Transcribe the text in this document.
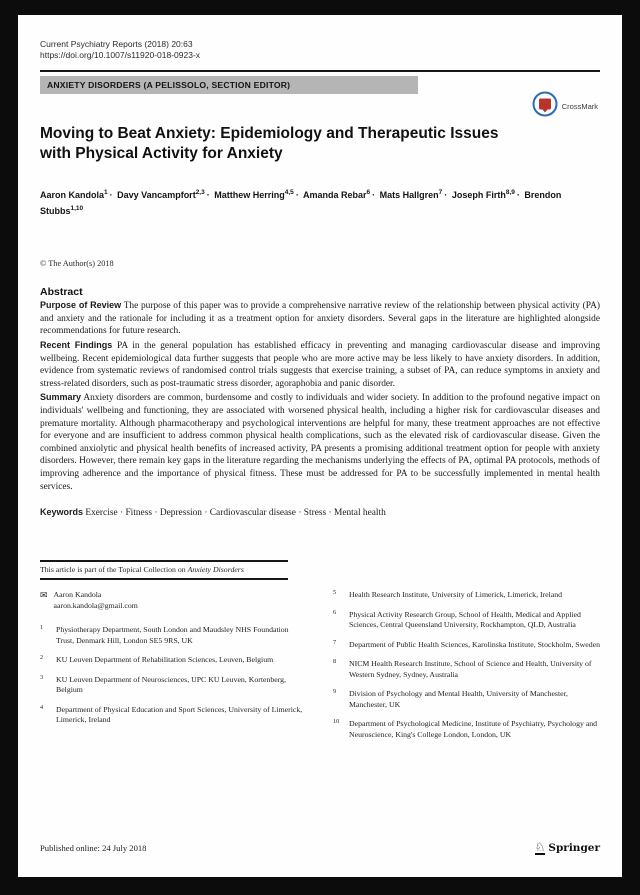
Current Psychiatry Reports (2018) 20:63
https://doi.org/10.1007/s11920-018-0923-x
ANXIETY DISORDERS (A PELISSOLO, SECTION EDITOR)
CrossMark
Moving to Beat Anxiety: Epidemiology and Therapeutic Issues
with Physical Activity for Anxiety
Aaron Kandola$^1$ · Davy Vancampfort$^{2,3}$ · Matthew Herring$^{4,5}$ · Amanda Rebar$^6$ · Mats Hallgren$^7$ · Joseph Firth$^{8,9}$ · Brendon Stubbs$^{1,10}$
© The Author(s) 2018
Abstract

Purpose of Review The purpose of this paper was to provide a comprehensive narrative review of the relationship between physical activity (PA) and anxiety and the rationale for including it as a treatment option for anxiety disorders. Several gaps in the literature are highlighted alongside recommendations for future research.

Recent Findings PA in the general population has established efficacy in preventing and managing cardiovascular disease and improving wellbeing. Recent epidemiological data further suggests that people who are more active may be less likely to have anxiety disorders. In addition, evidence from systematic reviews of randomised control trials suggests that exercise training, a subset of PA, can reduce symptoms in anxiety and stress-related disorders, such as post-traumatic stress disorder, agoraphobia and panic disorder.

Summary Anxiety disorders are common, burdensome and costly to individuals and wider society. In addition to the profound negative impact on individuals' wellbeing and functioning, they are associated with worsened physical health, including a higher risk for cardiovascular diseases and premature mortality. Although pharmacotherapy and psychological interventions are helpful for many, these treatment approaches are not effective for everyone and are insufficient to address common physical health complications, such as the elevated risk of cardiovascular disease. Given the combined anxiolytic and physical health benefits of increased activity, PA presents a promising additional treatment option for people with anxiety disorders. However, there remain key gaps in the literature regarding the mechanisms underlying the effects of PA, optimal PA protocols, methods of improving adherence and the importance of physical fitness. These must be addressed for PA to be successfully implemented in mental health services.

Keywords Exercise · Fitness · Depression · Cardiovascular disease · Stress · Mental health
This article is part of the Topical Collection on Anxiety Disorders
✉ Aaron Kandola
aaron.kandola@gmail.com
1	Physiotherapy Department, South London and Maudsley NHS Foundation Trust, Denmark Hill, London SE5 9RS, UK
2	KU Leuven Department of Rehabilitation Sciences, Leuven, Belgium
3	KU Leuven Department of Neurosciences, UPC KU Leuven, Kortenberg, Belgium
4	Department of Physical Education and Sport Sciences, University of Limerick, Limerick, Ireland
5	Health Research Institute, University of Limerick, Limerick, Ireland
6	Physical Activity Research Group, School of Health, Medical and Applied Sciences, Central Queensland University, Rockhampton, QLD, Australia
7	Department of Public Health Sciences, Karolinska Institute, Stockholm, Sweden
8	NICM Health Research Institute, School of Science and Health, University of Western Sydney, Sydney, Australia
9	Division of Psychology and Mental Health, University of Manchester, Manchester, UK
10 Department of Psychological Medicine, Institute of Psychiatry, Psychology and Neuroscience, King's College London, London, UK
Published online: 24 July 2018	♘ Springer
